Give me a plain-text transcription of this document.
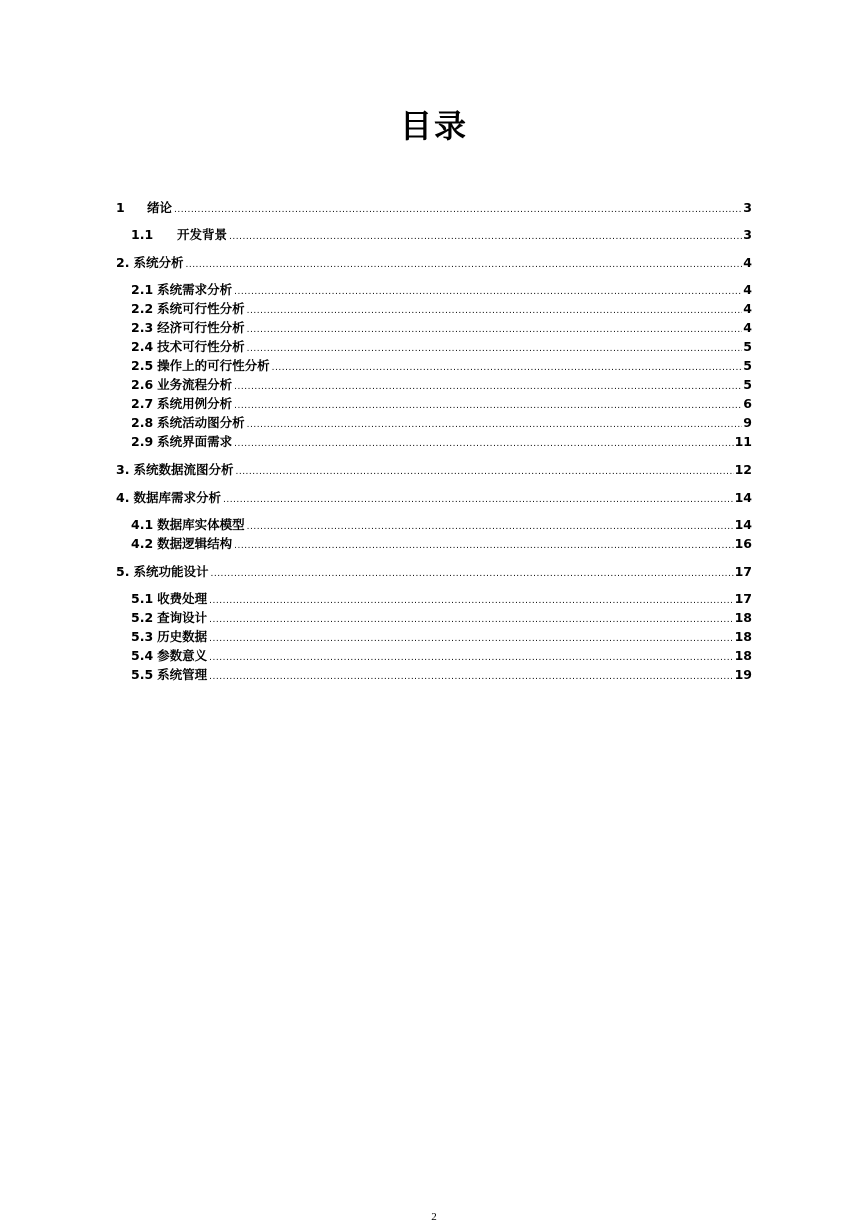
目录
1	绪论 .....	3
1.1	开发背景 .....	3
2. 系统分析 .....	4
2.1 系统需求分析 .....	4
2.2 系统可行性分析 .....	4
2.3 经济可行性分析 .....	4
2.4 技术可行性分析 .....	5
2.5 操作上的可行性分析 .....	5
2.6 业务流程分析 .....	5
2.7 系统用例分析 .....	6
2.8 系统活动图分析 .....	9
2.9 系统界面需求 .....	11
3. 系统数据流图分析 .....	12
4. 数据库需求分析 .....	14
4.1 数据库实体模型 .....	14
4.2 数据逻辑结构 .....	16
5. 系统功能设计 .....	17
5.1 收费处理 .....	17
5.2 查询设计 .....	18
5.3 历史数据 .....	18
5.4 参数意义 .....	18
5.5 系统管理 .....	19
2
